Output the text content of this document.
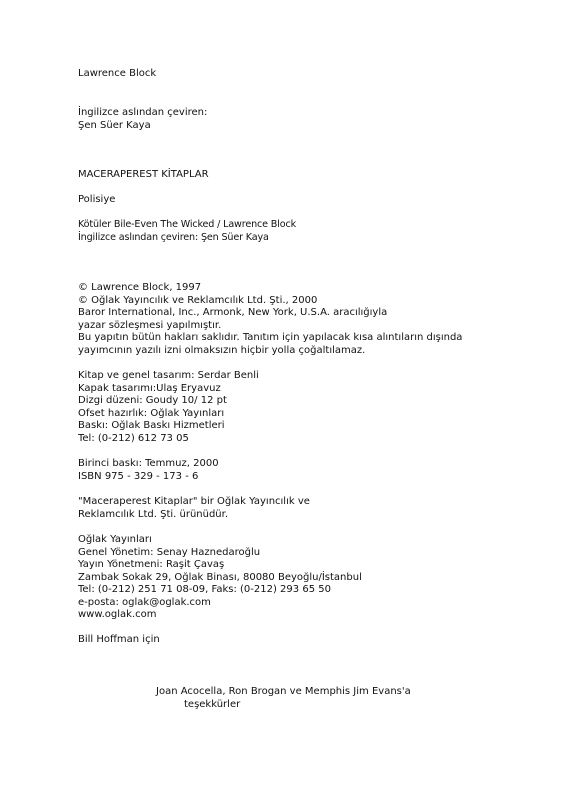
Lawrence Block
İngilizce aslından çeviren:
Şen Süer Kaya
MACERAPEREST KİTAPLAR
Polisiye
Kötüler Bile-Even The Wicked / Lawrence Block
İngilizce aslından çeviren: Şen Süer Kaya
© Lawrence Block, 1997
© Oğlak Yayıncılık ve Reklamcılık Ltd. Şti., 2000
Baror International, Inc., Armonk, New York, U.S.A. aracılığıyla
yazar sözleşmesi yapılmıştır.
Bu yapıtın bütün hakları saklıdır. Tanıtım için yapılacak kısa alıntıların dışında
yayımcının yazılı izni olmaksızın hiçbir yolla çoğaltılamaz.
Kitap ve genel tasarım: Serdar Benli
Kapak tasarımı:Ulaş Eryavuz
Dizgi düzeni: Goudy 10/ 12 pt
Ofset hazırlık: Oğlak Yayınları
Baskı: Oğlak Baskı Hizmetleri
Tel: (0-212) 612 73 05
Birinci baskı: Temmuz, 2000
ISBN 975 - 329 - 173 - 6
"Maceraperest Kitaplar" bir Oğlak Yayıncılık ve
Reklamcılık Ltd. Şti. ürünüdür.
Oğlak Yayınları
Genel Yönetim: Senay Haznedaroğlu
Yayın Yönetmeni: Raşit Çavaş
Zambak Sokak 29, Oğlak Binası, 80080 Beyoğlu/İstanbul
Tel: (0-212) 251 71 08-09, Faks: (0-212) 293 65 50
e-posta: oglak@oglak.com
www.oglak.com
Bill Hoffman için
Joan Acocella, Ron Brogan ve Memphis Jim Evans'a
teşekkürler
